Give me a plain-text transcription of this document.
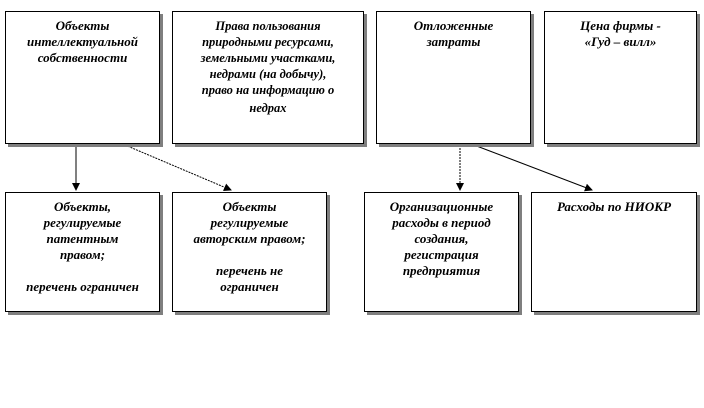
Объекты
интеллектуальной
собственности
Права пользования
природными ресурсами,
земельными участками,
недрами (на добычу),
право на информацию о
недрах
Отложенные
затраты
Цена фирмы -
«Гуд – вилл»
Объекты,
регулируемые
патентным
правом;
перечень ограничен
Объекты
регулируемые
авторским правом;
перечень не
ограничен
Организационные
расходы в период
создания,
регистрация
предприятия
Расходы по НИОКР
